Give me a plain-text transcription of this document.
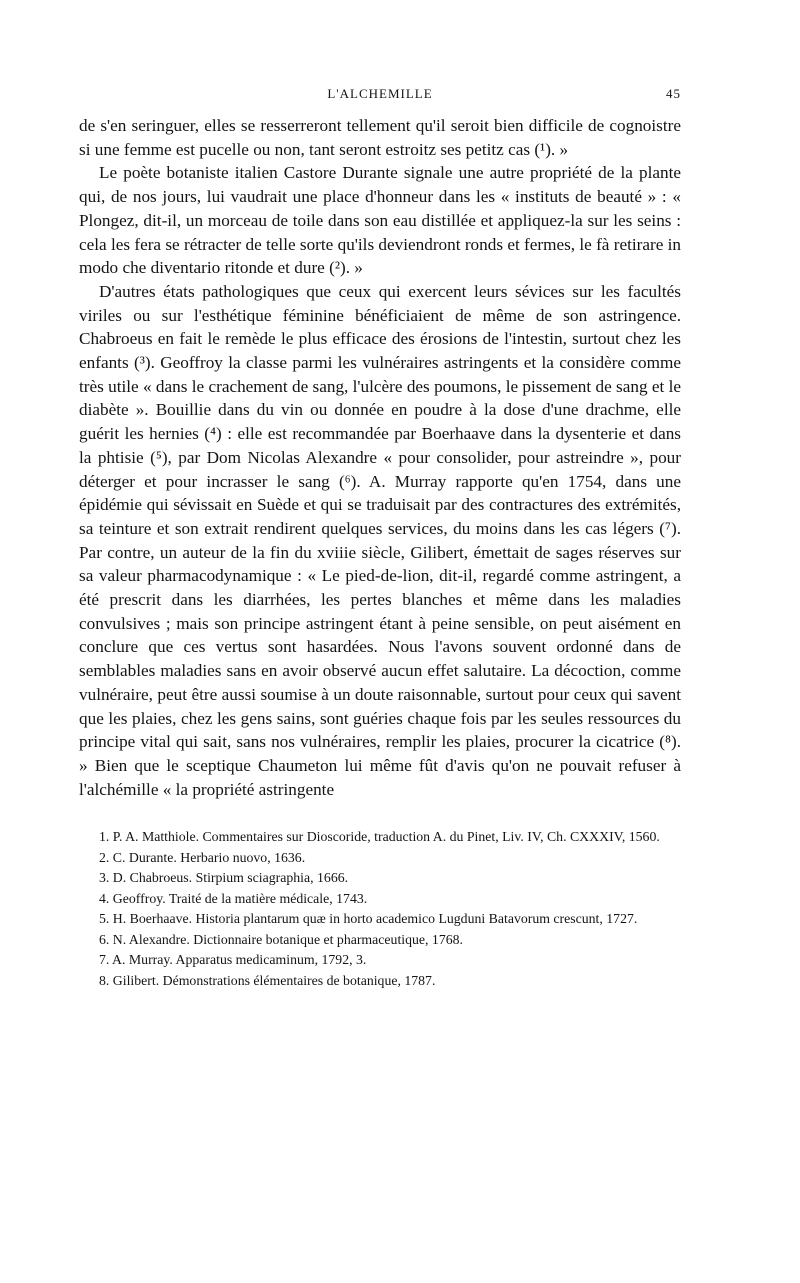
L'ALCHEMILLE	45

de s'en seringuer, elles se resserreront tellement qu'il seroit bien difficile de cognoistre si une femme est pucelle ou non, tant seront estroitz ses petitz cas (¹). »

Le poète botaniste italien Castore Durante signale une autre propriété de la plante qui, de nos jours, lui vaudrait une place d'honneur dans les « instituts de beauté » : « Plongez, dit-il, un morceau de toile dans son eau distillée et appliquez-la sur les seins : cela les fera se rétracter de telle sorte qu'ils deviendront ronds et fermes, le fà retirare in modo che diventario ritonde et dure (²). »

D'autres états pathologiques que ceux qui exercent leurs sévices sur les facultés viriles ou sur l'esthétique féminine bénéficiaient de même de son astringence. Chabroeus en fait le remède le plus efficace des érosions de l'intestin, surtout chez les enfants (³). Geoffroy la classe parmi les vulnéraires astringents et la considère comme très utile « dans le crachement de sang, l'ulcère des poumons, le pissement de sang et le diabète ». Bouillie dans du vin ou donnée en poudre à la dose d'une drachme, elle guérit les hernies (⁴) : elle est recommandée par Boerhaave dans la dysenterie et dans la phtisie (⁵), par Dom Nicolas Alexandre « pour consolider, pour astreindre », pour déterger et pour incrasser le sang (⁶). A. Murray rapporte qu'en 1754, dans une épidémie qui sévissait en Suède et qui se traduisait par des contractures des extrémités, sa teinture et son extrait rendirent quelques services, du moins dans les cas légers (⁷). Par contre, un auteur de la fin du xviiie siècle, Gilibert, émettait de sages réserves sur sa valeur pharmacodynamique : « Le pied-de-lion, dit-il, regardé comme astringent, a été prescrit dans les diarrhées, les pertes blanches et même dans les maladies convulsives ; mais son principe astringent étant à peine sensible, on peut aisément en conclure que ces vertus sont hasardées. Nous l'avons souvent ordonné dans de semblables maladies sans en avoir observé aucun effet salutaire. La décoction, comme vulnéraire, peut être aussi soumise à un doute raisonnable, surtout pour ceux qui savent que les plaies, chez les gens sains, sont guéries chaque fois par les seules ressources du principe vital qui sait, sans nos vulnéraires, remplir les plaies, procurer la cicatrice (⁸). » Bien que le sceptique Chaumeton lui même fût d'avis qu'on ne pouvait refuser à l'alchémille « la propriété astringente

1. P. A. Matthiole. Commentaires sur Dioscoride, traduction A. du Pinet, Liv. IV, Ch. CXXXIV, 1560.

2. C. Durante. Herbario nuovo, 1636.

3. D. Chabroeus. Stirpium sciagraphia, 1666.

4. Geoffroy. Traité de la matière médicale, 1743.

5. H. Boerhaave. Historia plantarum quæ in horto academico Lugduni Batavorum crescunt, 1727.

6. N. Alexandre. Dictionnaire botanique et pharmaceutique, 1768.

7. A. Murray. Apparatus medicaminum, 1792, 3.

8. Gilibert. Démonstrations élémentaires de botanique, 1787.
